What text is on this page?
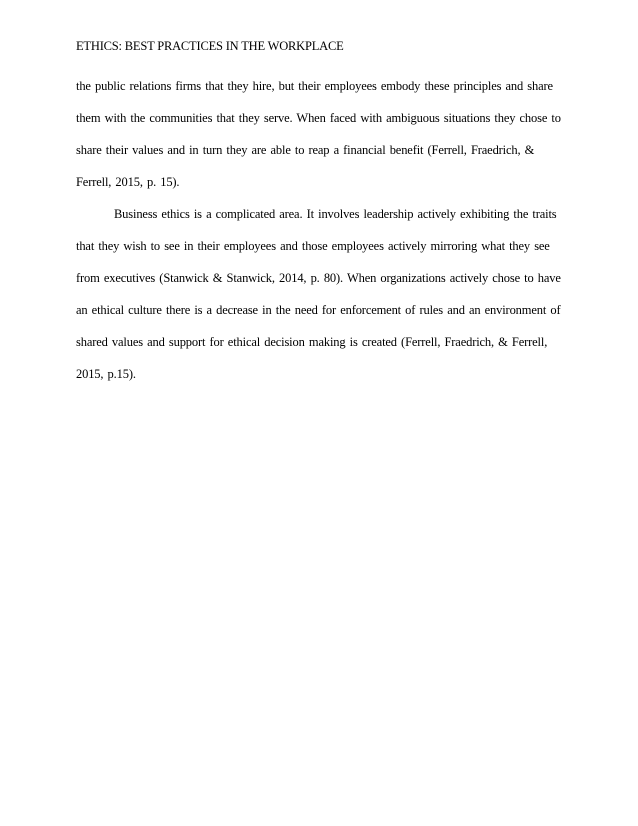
ETHICS: BEST PRACTICES IN THE WORKPLACE
the public relations firms that they hire, but their employees embody these principles and share
them with the communities that they serve. When faced with ambiguous situations they chose to
share their values and in turn they are able to reap a financial benefit (Ferrell, Fraedrich, &
Ferrell, 2015, p. 15).
Business ethics is a complicated area. It involves leadership actively exhibiting the traits
that they wish to see in their employees and those employees actively mirroring what they see
from executives (Stanwick & Stanwick, 2014, p. 80). When organizations actively chose to have
an ethical culture there is a decrease in the need for enforcement of rules and an environment of
shared values and support for ethical decision making is created (Ferrell, Fraedrich, & Ferrell,
2015, p.15).
